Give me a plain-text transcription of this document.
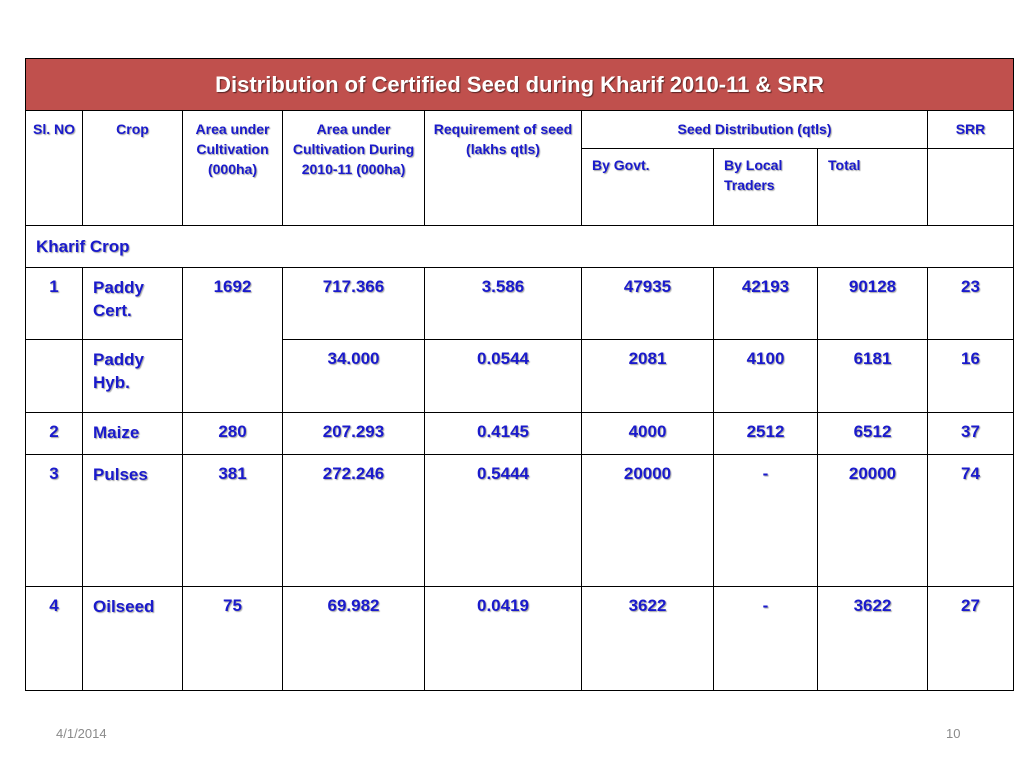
Distribution of Certified Seed during Kharif 2010-11 & SRR								
Sl. NO	Crop	Area under Cultivation (000ha)	Area under Cultivation During 2010-11 (000ha)	Requirement of seed (lakhs qtls)	Seed Distribution (qtls)			SRR
					By Govt.	By Local Traders	Total	
Kharif Crop								
1	Paddy Cert.	1692	717.366	3.586	47935	42193	90128	23
	Paddy Hyb.		34.000	0.0544	2081	4100	6181	16
2	Maize	280	207.293	0.4145	4000	2512	6512	37
3	Pulses	381	272.246	0.5444	20000	-	20000	74
4	Oilseed	75	69.982	0.0419	3622	-	3622	27
4/1/2014	10
